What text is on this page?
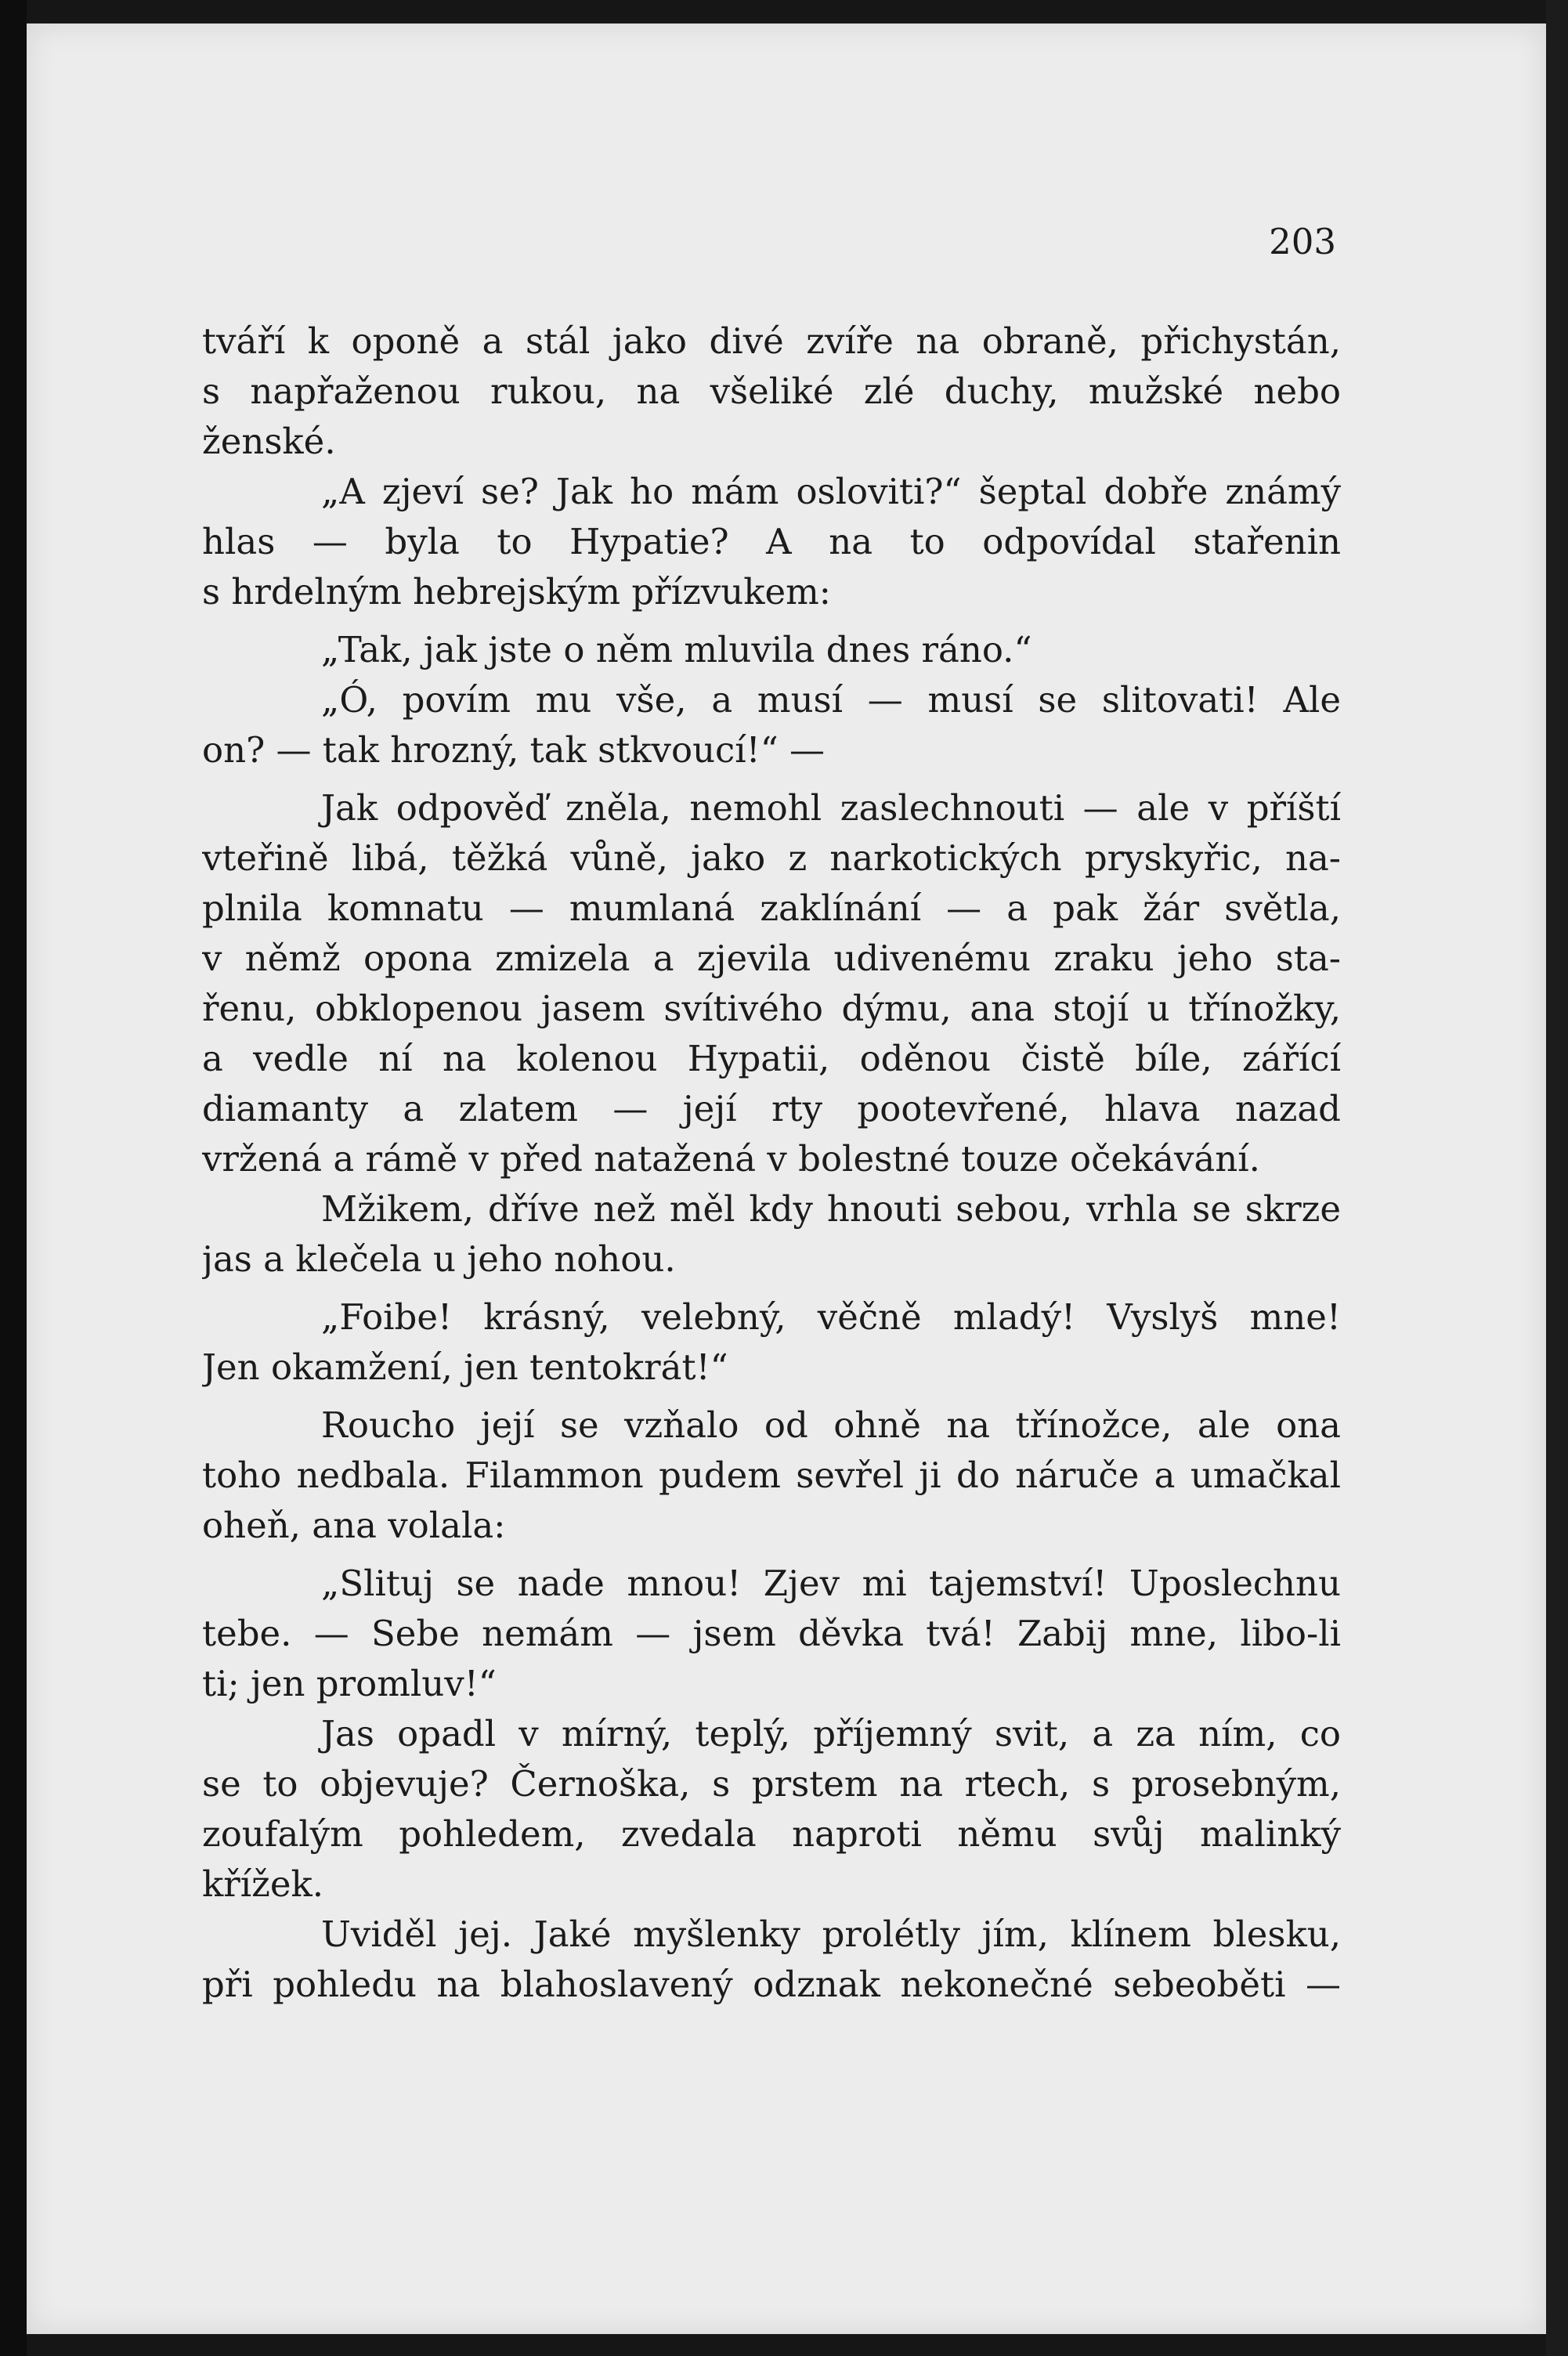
203
tváří k oponě a stál jako divé zvíře na obraně, přichystán,
s napřaženou rukou, na všeliké zlé duchy, mužské nebo
ženské.
„A zjeví se? Jak ho mám osloviti?“ šeptal dobře známý
hlas — byla to Hypatie? A na to odpovídal stařenin
s hrdelným hebrejským přízvukem:
„Tak, jak jste o něm mluvila dnes ráno.“
„Ó, povím mu vše, a musí — musí se slitovati! Ale
on? — tak hrozný, tak stkvoucí!“ —
Jak odpověď zněla, nemohl zaslechnouti — ale v příští
vteřině libá, těžká vůně, jako z narkotických pryskyřic, na-
plnila komnatu — mumlaná zaklínání — a pak žár světla,
v němž opona zmizela a zjevila udivenému zraku jeho sta-
řenu, obklopenou jasem svítivého dýmu, ana stojí u třínožky,
a vedle ní na kolenou Hypatii, oděnou čistě bíle, zářící
diamanty a zlatem — její rty pootevřené, hlava nazad
vržená a rámě v před natažená v bolestné touze očekávání.
Mžikem, dříve než měl kdy hnouti sebou, vrhla se skrze
jas a klečela u jeho nohou.
„Foibe! krásný, velebný, věčně mladý! Vyslyš mne!
Jen okamžení, jen tentokrát!“
Roucho její se vzňalo od ohně na třínožce, ale ona
toho nedbala. Filammon pudem sevřel ji do náruče a umačkal
oheň, ana volala:
„Slituj se nade mnou! Zjev mi tajemství! Uposlechnu
tebe. — Sebe nemám — jsem děvka tvá! Zabij mne, libo-li
ti; jen promluv!“
Jas opadl v mírný, teplý, příjemný svit, a za ním, co
se to objevuje? Černoška, s prstem na rtech, s prosebným,
zoufalým pohledem, zvedala naproti němu svůj malinký
křížek.
Uviděl jej. Jaké myšlenky prolétly jím, klínem blesku,
při pohledu na blahoslavený odznak nekonečné sebeoběti —
